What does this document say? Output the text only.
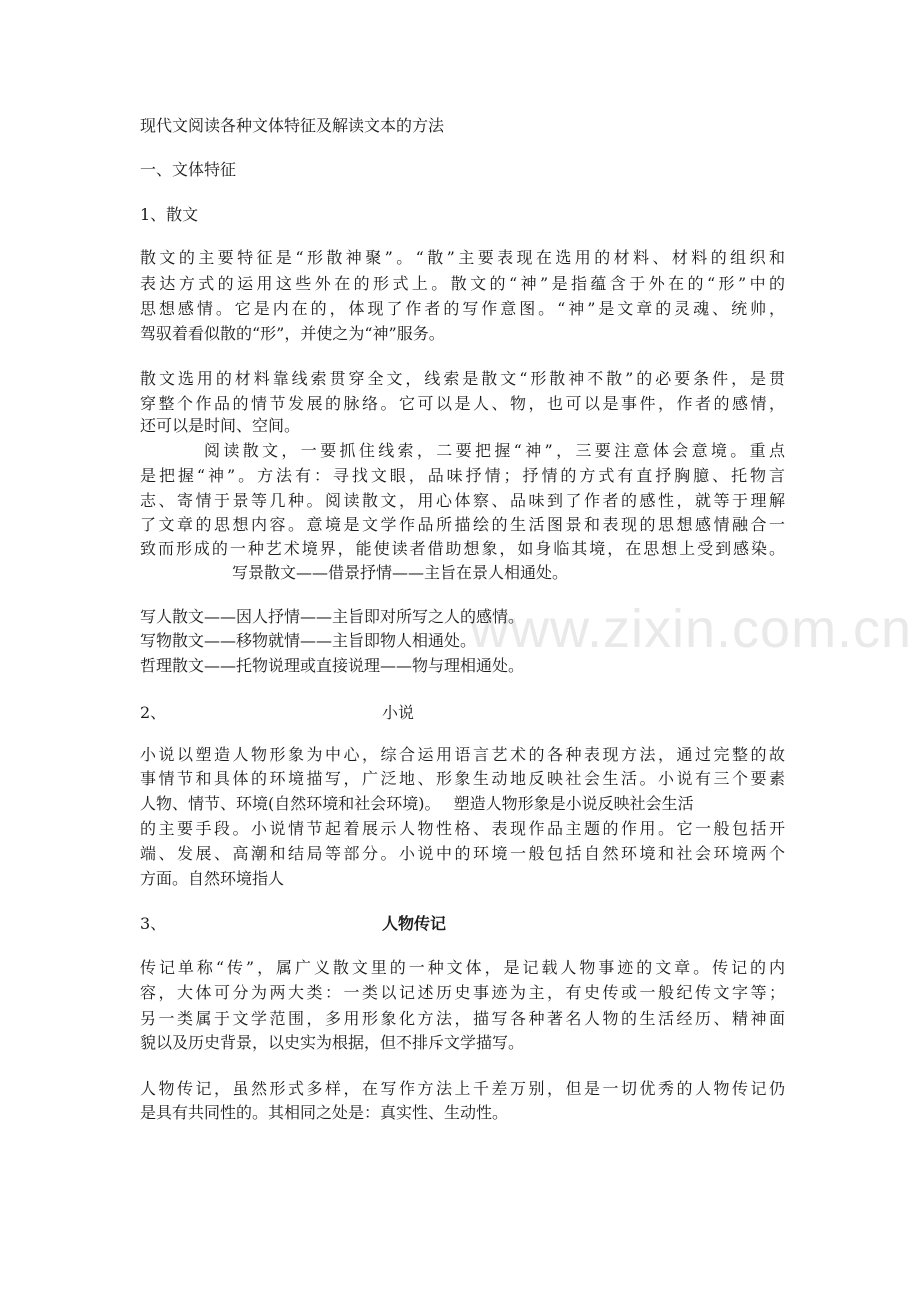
www.zixin.com.cn
现代文阅读各种文体特征及解读文本的方法
一、文体特征
1、散文
散文的主要特征是“形散神聚”。“散”主要表现在选用的材料、材料的组织和
表达方式的运用这些外在的形式上。散文的“神”是指蕴含于外在的“形”中的
思想感情。它是内在的，体现了作者的写作意图。“神”是文章的灵魂、统帅，
驾驭着看似散的“形”，并使之为“神”服务。
散文选用的材料靠线索贯穿全文，线索是散文“形散神不散”的必要条件，是贯
穿整个作品的情节发展的脉络。它可以是人、物，也可以是事件，作者的感情，
还可以是时间、空间。
阅读散文，一要抓住线索，二要把握“神”，三要注意体会意境。重点
是把握“神”。方法有：寻找文眼，品味抒情；抒情的方式有直抒胸臆、托物言
志、寄情于景等几种。阅读散文，用心体察、品味到了作者的感性，就等于理解
了文章的思想内容。意境是文学作品所描绘的生活图景和表现的思想感情融合一
致而形成的一种艺术境界，能使读者借助想象，如身临其境，在思想上受到感染。
写景散文——借景抒情——主旨在景人相通处。
写人散文——因人抒情——主旨即对所写之人的感情。
写物散文——移物就情——主旨即物人相通处。
哲理散文——托物说理或直接说理——物与理相通处。
2、	小说
小说以塑造人物形象为中心，综合运用语言艺术的各种表现方法，通过完整的故
事情节和具体的环境描写，广泛地、形象生动地反映社会生活。小说有三个要素
人物、情节、环境(自然环境和社会环境)。　 塑造人物形象是小说反映社会生活
的主要手段。小说情节起着展示人物性格、表现作品主题的作用。它一般包括开
端、发展、高潮和结局等部分。小说中的环境一般包括自然环境和社会环境两个
方面。自然环境指人
3、	人物传记
传记单称“传”，属广义散文里的一种文体，是记载人物事迹的文章。传记的内
容，大体可分为两大类：一类以记述历史事迹为主，有史传或一般纪传文字等；
另一类属于文学范围，多用形象化方法，描写各种著名人物的生活经历、精神面
貌以及历史背景，以史实为根据，但不排斥文学描写。
人物传记，虽然形式多样，在写作方法上千差万别，但是一切优秀的人物传记仍
是具有共同性的。其相同之处是：真实性、生动性。
